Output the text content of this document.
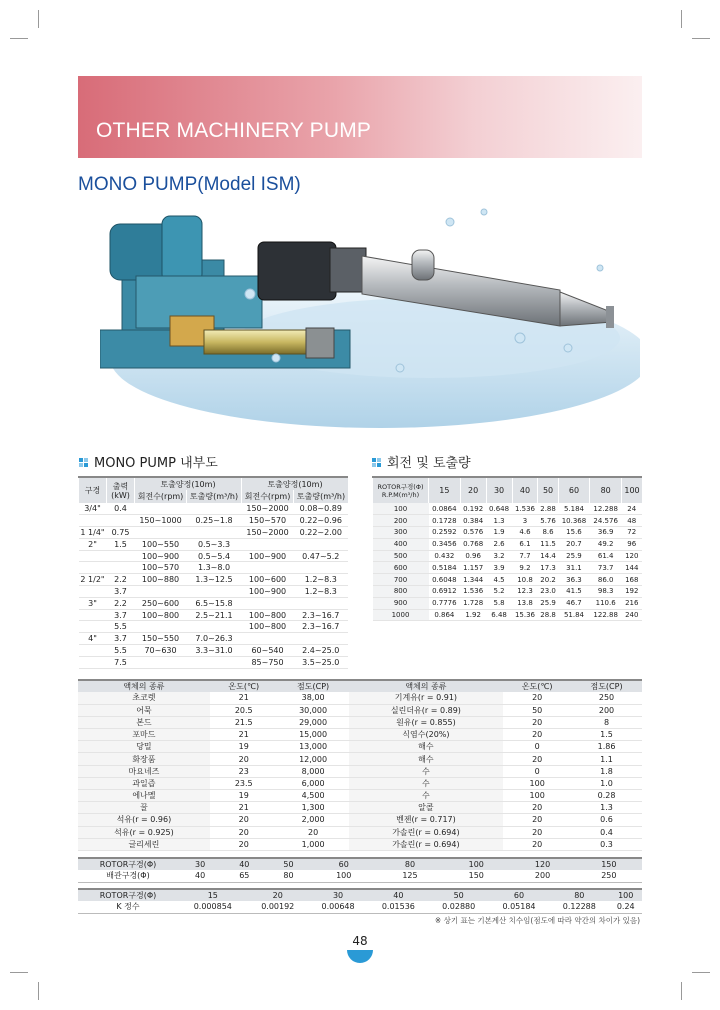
OTHER MACHINERY PUMP
MONO PUMP(Model ISM)
MONO PUMP 내부도	회전 및 토출량
구경	출력
(kW)	토출양정(10m)		토출양정(10m)	
		회전수(rpm)	토출량(m³/h)	회전수(rpm)	토출량(m³/h)
3/4"	0.4			150~2000	0.08~0.89
		150~1000	0.25~1.8	150~570	0.22~0.96
1 1/4"	0.75			150~2000	0.22~2.00
2"	1.5	100~550	0.5~3.3		
		100~900	0.5~5.4	100~900	0.47~5.2
		100~570	1.3~8.0		
2 1/2"	2.2	100~880	1.3~12.5	100~600	1.2~8.3
	3.7			100~900	1.2~8.3
3"	2.2	250~600	6.5~15.8		
	3.7	100~800	2.5~21.1	100~800	2.3~16.7
	5.5			100~800	2.3~16.7
4"	3.7	150~550	7.0~26.3		
	5.5	70~630	3.3~31.0	60~540	2.4~25.0
	7.5			85~750	3.5~25.0
ROTOR구경(Φ)
R.P.M(m³/h)	15	20	30	40	50	60	80	100
100	0.0864	0.192	0.648	1.536	2.88	5.184	12.288	24
200	0.1728	0.384	1.3	3	5.76	10.368	24.576	48
300	0.2592	0.576	1.9	4.6	8.6	15.6	36.9	72
400	0.3456	0.768	2.6	6.1	11.5	20.7	49.2	96
500	0.432	0.96	3.2	7.7	14.4	25.9	61.4	120
600	0.5184	1.157	3.9	9.2	17.3	31.1	73.7	144
700	0.6048	1.344	4.5	10.8	20.2	36.3	86.0	168
800	0.6912	1.536	5.2	12.3	23.0	41.5	98.3	192
900	0.7776	1.728	5.8	13.8	25.9	46.7	110.6	216
1000	0.864	1.92	6.48	15.36	28.8	51.84	122.88	240
액체의 종류	온도(℃)	점도(CP)	액체의 종류	온도(℃)	점도(CP)
초코렛	21	38,00	기계유(r = 0.91)	20	250
어묵	20.5	30,000	실린더유(r = 0.89)	50	200
본드	21.5	29,000	원유(r = 0.855)	20	8
포마드	21	15,000	식염수(20%)	20	1.5
당밀	19	13,000	해수	0	1.86
화장품	20	12,000	해수	20	1.1
마요네즈	23	8,000	수	0	1.8
과일즙	23.5	6,000	수	100	1.0
에나멜	19	4,500	수	100	0.28
꿀	21	1,300	알콜	20	1.3
석유(r = 0.96)	20	2,000	벤젠(r = 0.717)	20	0.6
석유(r = 0.925)	20	20	가솔린(r = 0.694)	20	0.4
글리세린	20	1,000	가솔린(r = 0.694)	20	0.3
ROTOR구경(Φ)	30	40	50	60	80	100	120	150
배관구경(Φ)	40	65	80	100	125	150	200	250
ROTOR구경(Φ)	15	20	30	40	50	60	80	100
K 정수	0.000854	0.00192	0.00648	0.01536	0.02880	0.05184	0.12288	0.24
※ 상기 표는 기본계산 치수임(점도에 따라 약간의 차이가 있음)
48
